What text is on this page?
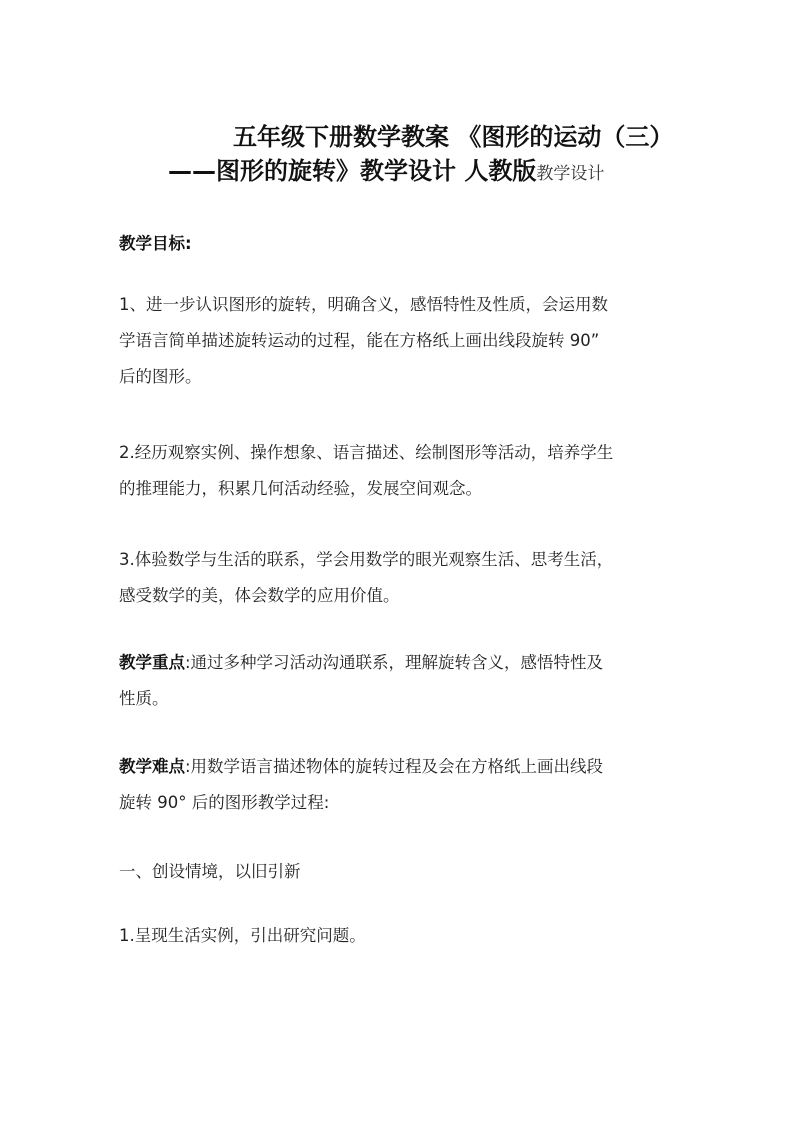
五年级下册数学教案 《图形的运动（三）
——图形的旋转》教学设计 人教版教学设计
教学目标:
1、进一步认识图形的旋转，明确含义，感悟特性及性质，会运用数
学语言简单描述旋转运动的过程，能在方格纸上画出线段旋转 90”
后的图形。
2.经历观察实例、操作想象、语言描述、绘制图形等活动，培养学生
的推理能力，积累几何活动经验，发展空间观念。
3.体验数学与生活的联系，学会用数学的眼光观察生活、思考生活，
感受数学的美，体会数学的应用价值。
教学重点:通过多种学习活动沟通联系，理解旋转含义，感悟特性及
性质。
教学难点:用数学语言描述物体的旋转过程及会在方格纸上画出线段
旋转 90° 后的图形教学过程:
一、创设情境，以旧引新
1.呈现生活实例，引出研究问题。
